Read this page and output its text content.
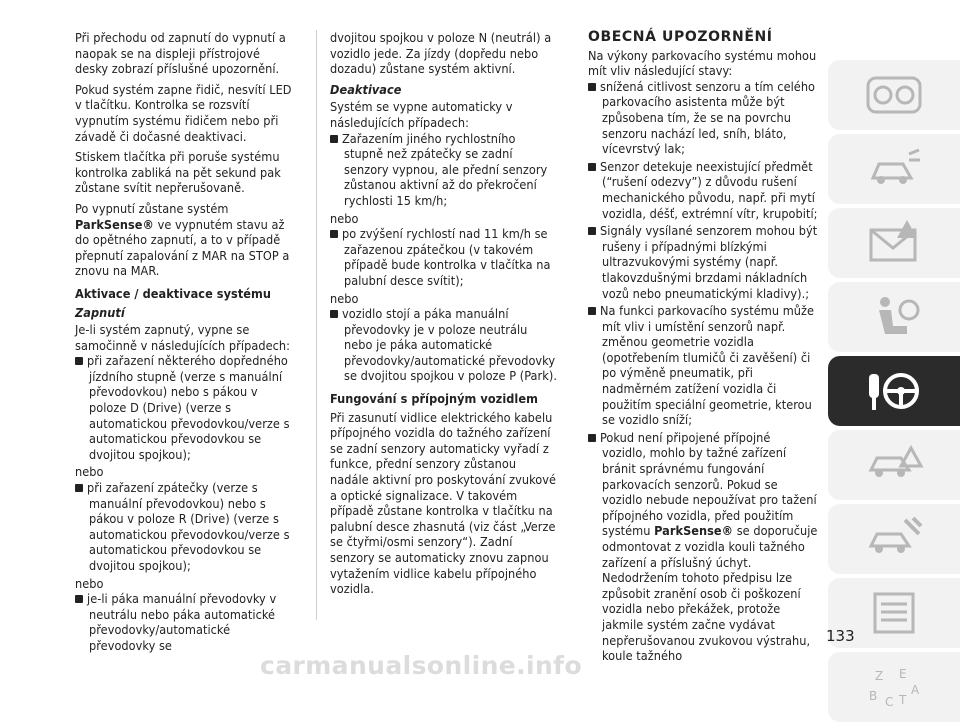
Při přechodu od zapnutí do vypnutí a naopak se na displeji přístrojové desky zobrazí příslušné upozornění.

Pokud systém zapne řidič, nesvítí LED v tlačítku. Kontrolka se rozsvítí vypnutím systému řidičem nebo při závadě či dočasné deaktivaci.

Stiskem tlačítka při poruše systému kontrolka zabliká na pět sekund pak zůstane svítit nepřerušovaně.

Po vypnutí zůstane systém ParkSense® ve vypnutém stavu až do opětného zapnutí, a to v případě přepnutí zapalování z MAR na STOP a znovu na MAR.

Aktivace / deaktivace systému
Zapnutí

Je-li systém zapnutý, vypne se samočinně v následujících případech:

při zařazení některého dopředného jízdního stupně (verze s manuální převodovkou) nebo s pákou v poloze D (Drive) (verze s automatickou převodovkou/verze s automatickou převodovkou se dvojitou spojkou);

nebo

při zařazení zpátečky (verze s manuální převodovkou) nebo s pákou v poloze R (Drive) (verze s automatickou převodovkou/verze s automatickou převodovkou se dvojitou spojkou);

nebo

je-li páka manuální převodovky v neutrálu nebo páka automatické převodovky/automatické převodovky se

dvojitou spojkou v poloze N (neutrál) a vozidlo jede. Za jízdy (dopředu nebo dozadu) zůstane systém aktivní.

Deaktivace

Systém se vypne automaticky v následujících případech:

Zařazením jiného rychlostního stupně než zpátečky se zadní senzory vypnou, ale přední senzory zůstanou aktivní až do překročení rychlosti 15 km/h;

nebo

po zvýšení rychlostí nad 11 km/h se zařazenou zpátečkou (v takovém případě bude kontrolka v tlačítka na palubní desce svítit);

nebo

vozidlo stojí a páka manuální převodovky je v poloze neutrálu nebo je páka automatické převodovky/automatické převodovky se dvojitou spojkou v poloze P (Park).
Fungování s přípojným vozidlem

Při zasunutí vidlice elektrického kabelu přípojného vozidla do tažného zařízení se zadní senzory automaticky vyřadí z funkce, přední senzory zůstanou nadále aktivní pro poskytování zvukové a optické signalizace. V takovém případě zůstane kontrolka v tlačítku na palubní desce zhasnutá (viz část „Verze se čtyřmi/osmi senzory“). Zadní senzory se automaticky znovu zapnou vytažením vidlice kabelu přípojného vozidla.

OBECNÁ UPOZORNĚNÍ

Na výkony parkovacího systému mohou mít vliv následující stavy:

snížená citlivost senzoru a tím celého parkovacího asistenta může být způsobena tím, že se na povrchu senzoru nachází led, sníh, bláto, vícevrstvý lak;
Senzor detekuje neexistující předmět (“rušení odezvy”) z důvodu rušení mechanického původu, např. při mytí vozidla, déšť, extrémní vítr, krupobití;
Signály vysílané senzorem mohou být rušeny i případnými blízkými ultrazvukovými systémy (např. tlakovzdušnými brzdami nákladních vozů nebo pneumatickými kladivy).;
Na funkci parkovacího systému může mít vliv i umístění senzorů např. změnou geometrie vozidla (opotřebením tlumičů či zavěšení) či po výměně pneumatik, při nadměrném zatížení vozidla či použitím speciální geometrie, kterou se vozidlo sníží;
Pokud není připojené přípojné vozidlo, mohlo by tažné zařízení bránit správnému fungování parkovacích senzorů. Pokud se vozidlo nebude nepoužívat pro tažení přípojného vozidla, před použitím systému ParkSense® se doporučuje odmontovat z vozidla kouli tažného zařízení a příslušný úchyt. Nedodržením tohoto předpisu lze způsobit zranění osob či poškození vozidla nebo překážek, protože jakmile systém začne vydávat nepřerušovanou zvukovou výstrahu, koule tažného
Z E
B C T
A
133
carmanualsonline.info
